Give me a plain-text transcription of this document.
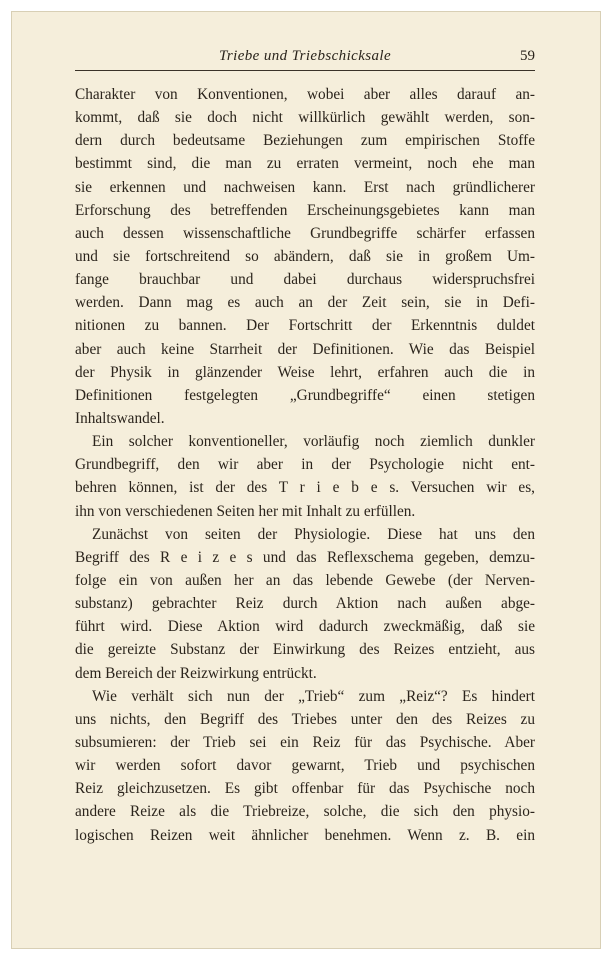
Triebe und Triebschicksale	59
Charakter von Konventionen, wobei aber alles darauf an-
kommt, daß sie doch nicht willkürlich gewählt werden, son-
dern durch bedeutsame Beziehungen zum empirischen Stoffe
bestimmt sind, die man zu erraten vermeint, noch ehe man
sie erkennen und nachweisen kann. Erst nach gründlicherer
Erforschung des betreffenden Erscheinungsgebietes kann man
auch dessen wissenschaftliche Grundbegriffe schärfer erfassen
und sie fortschreitend so abändern, daß sie in großem Um-
fange brauchbar und dabei durchaus widerspruchsfrei
werden. Dann mag es auch an der Zeit sein, sie in Defi-
nitionen zu bannen. Der Fortschritt der Erkenntnis duldet
aber auch keine Starrheit der Definitionen. Wie das Beispiel
der Physik in glänzender Weise lehrt, erfahren auch die in
Definitionen festgelegten „Grundbegriffe“ einen stetigen
Inhaltswandel.
Ein solcher konventioneller, vorläufig noch ziemlich dunkler
Grundbegriff, den wir aber in der Psychologie nicht ent-
behren können, ist der des T r i e b e s. Versuchen wir es,
ihn von verschiedenen Seiten her mit Inhalt zu erfüllen.
Zunächst von seiten der Physiologie. Diese hat uns den
Begriff des R e i z e s und das Reflexschema gegeben, demzu-
folge ein von außen her an das lebende Gewebe (der Nerven-
substanz) gebrachter Reiz durch Aktion nach außen abge-
führt wird. Diese Aktion wird dadurch zweckmäßig, daß sie
die gereizte Substanz der Einwirkung des Reizes entzieht, aus
dem Bereich der Reizwirkung entrückt.
Wie verhält sich nun der „Trieb“ zum „Reiz“? Es hindert
uns nichts, den Begriff des Triebes unter den des Reizes zu
subsumieren: der Trieb sei ein Reiz für das Psychische. Aber
wir werden sofort davor gewarnt, Trieb und psychischen
Reiz gleichzusetzen. Es gibt offenbar für das Psychische noch
andere Reize als die Triebreize, solche, die sich den physio-
logischen Reizen weit ähnlicher benehmen. Wenn z. B. ein
